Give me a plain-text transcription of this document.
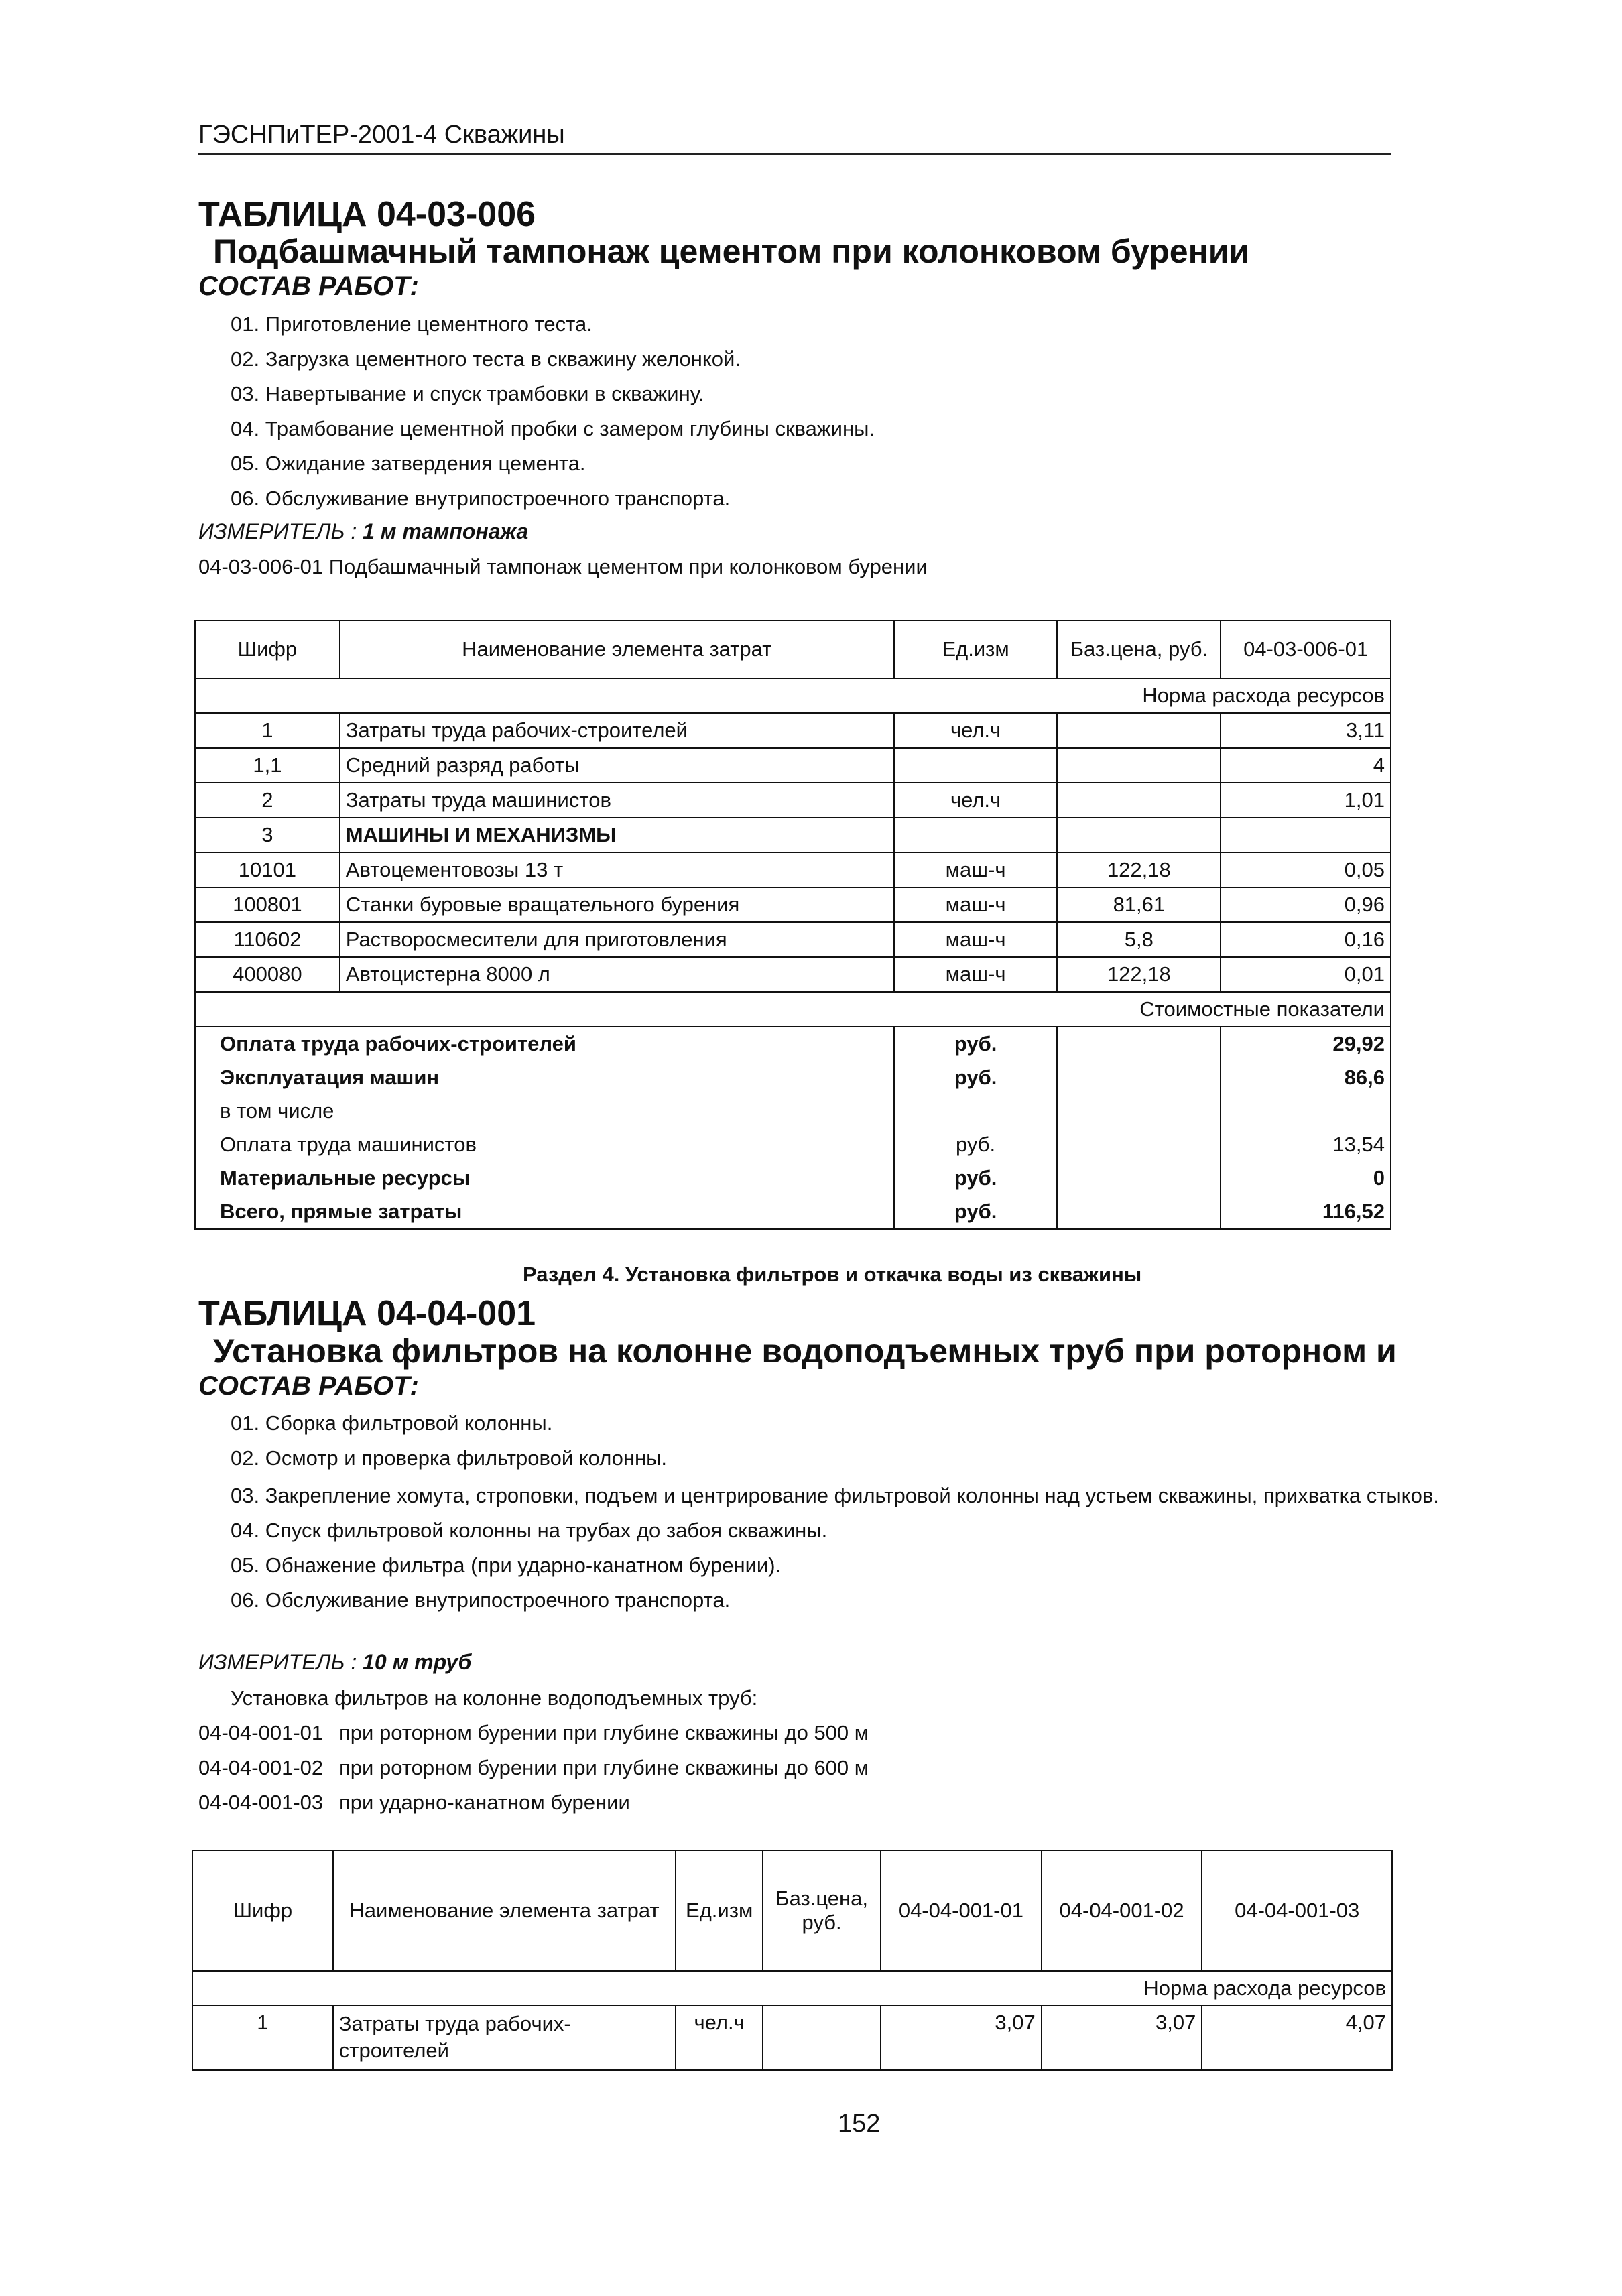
ГЭСНПиТЕР-2001-4 Скважины
ТАБЛИЦА 04-03-006
Подбашмачный тампонаж цементом при колонковом бурении
СОСТАВ РАБОТ:
01. Приготовление цементного теста.
02. Загрузка цементного теста в скважину желонкой.
03. Навертывание и спуск трамбовки в скважину.
04. Трамбование цементной пробки с замером глубины скважины.
05. Ожидание затвердения цемента.
06. Обслуживание внутрипостроечного транспорта.
ИЗМЕРИТЕЛЬ : 1 м тампонажа
04-03-006-01 Подбашмачный тампонаж цементом при колонковом бурении
Шифр	Наименование элемента затрат	Ед.изм	Баз.цена, руб.	04-03-006-01
Норма расхода ресурсов				
1	Затраты труда рабочих-строителей	чел.ч		3,11
1,1	Средний разряд работы			4
2	Затраты труда машинистов	чел.ч		1,01
3	МАШИНЫ И МЕХАНИЗМЫ			
10101	Автоцементовозы 13 т	маш-ч	122,18	0,05
100801	Станки буровые вращательного бурения	маш-ч	81,61	0,96
110602	Растворосмесители для приготовления	маш-ч	5,8	0,16
400080	Автоцистерна 8000 л	маш-ч	122,18	0,01
Стоимостные показатели				
Оплата труда рабочих-строителей		руб.		29,92
Эксплуатация машин		руб.		86,6
в том числе				
Оплата труда машинистов		руб.		13,54
Материальные ресурсы		руб.		0
Всего, прямые затраты		руб.		116,52
Раздел 4. Установка фильтров и откачка воды из скважины
ТАБЛИЦА 04-04-001
Установка фильтров на колонне водоподъемных труб при роторном и
СОСТАВ РАБОТ:
01. Сборка фильтровой колонны.
02. Осмотр и проверка фильтровой колонны.
03. Закрепление хомута, строповки, подъем и центрирование фильтровой колонны над устьем скважины, прихватка стыков.
04. Спуск фильтровой колонны на трубах до забоя скважины.
05. Обнажение фильтра (при ударно-канатном бурении).
06. Обслуживание внутрипостроечного транспорта.
ИЗМЕРИТЕЛЬ : 10 м труб
Установка фильтров на колонне водоподъемных труб:
04-04-001-01 при роторном бурении при глубине скважины до 500 м
04-04-001-02 при роторном бурении при глубине скважины до 600 м
04-04-001-03 при ударно-канатном бурении
Шифр	Наименование элемента затрат	Ед.изм	Баз.цена, руб.	04-04-001-01	04-04-001-02	04-04-001-03
Норма расхода ресурсов						
1	Затраты труда рабочих-строителей	чел.ч		3,07	3,07	4,07
152
